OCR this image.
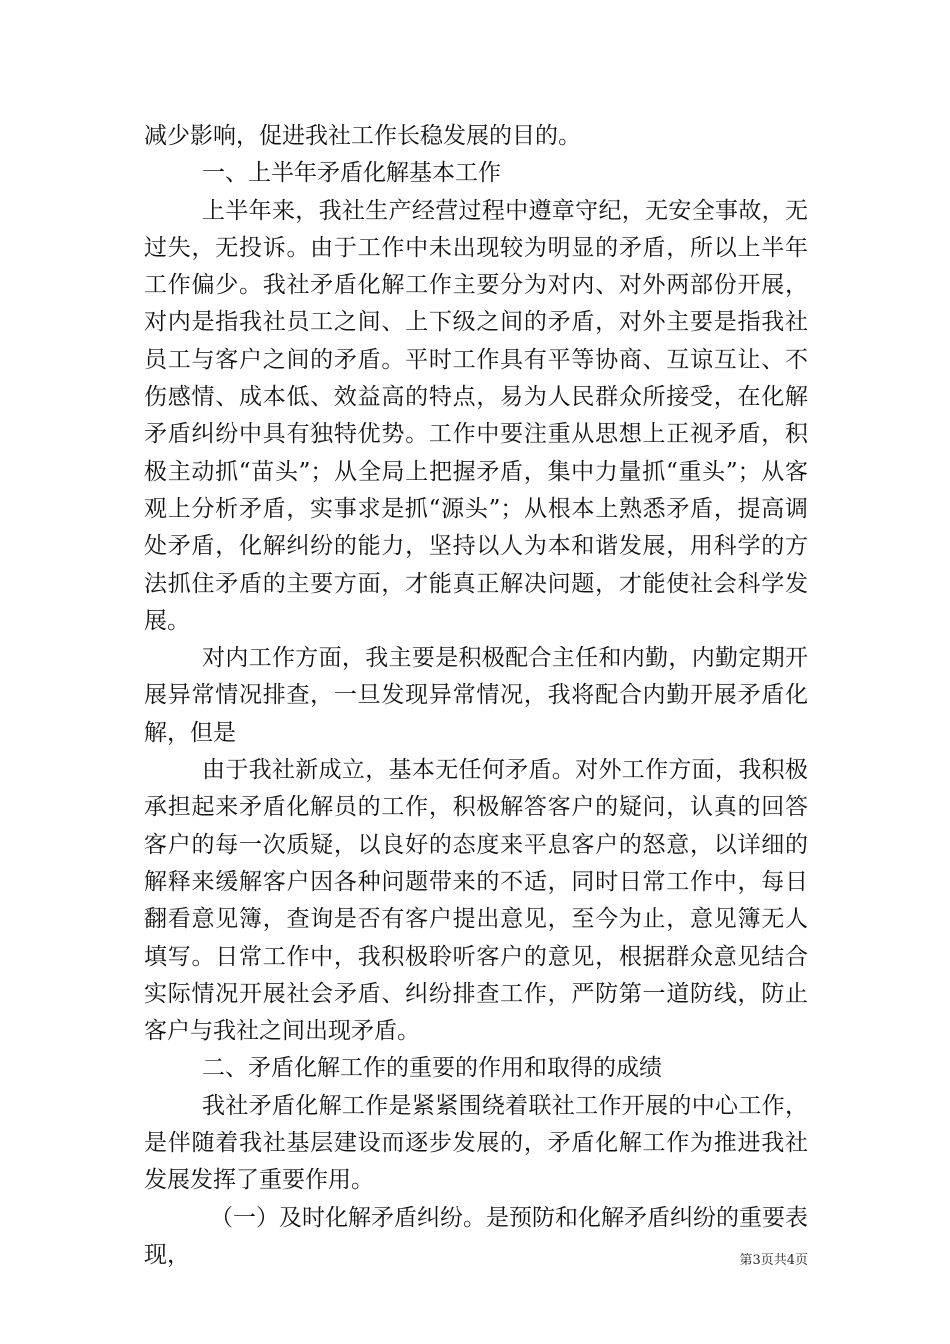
减少影响，促进我社工作长稳发展的目的。

一、上半年矛盾化解基本工作

上半年来，我社生产经营过程中遵章守纪，无安全事故，无过失，无投诉。由于工作中未出现较为明显的矛盾，所以上半年工作偏少。我社矛盾化解工作主要分为对内、对外两部份开展，对内是指我社员工之间、上下级之间的矛盾，对外主要是指我社员工与客户之间的矛盾。平时工作具有平等协商、互谅互让、不伤感情、成本低、效益高的特点，易为人民群众所接受，在化解矛盾纠纷中具有独特优势。工作中要注重从思想上正视矛盾，积极主动抓“苗头”；从全局上把握矛盾，集中力量抓“重头”；从客观上分析矛盾，实事求是抓“源头”；从根本上熟悉矛盾，提高调处矛盾，化解纠纷的能力，坚持以人为本和谐发展，用科学的方法抓住矛盾的主要方面，才能真正解决问题，才能使社会科学发展。

对内工作方面，我主要是积极配合主任和内勤，内勤定期开展异常情况排查，一旦发现异常情况，我将配合内勤开展矛盾化解，但是

由于我社新成立，基本无任何矛盾。对外工作方面，我积极承担起来矛盾化解员的工作，积极解答客户的疑问，认真的回答客户的每一次质疑，以良好的态度来平息客户的怒意，以详细的解释来缓解客户因各种问题带来的不适，同时日常工作中，每日翻看意见簿，查询是否有客户提出意见，至今为止，意见簿无人填写。日常工作中，我积极聆听客户的意见，根据群众意见结合实际情况开展社会矛盾、纠纷排查工作，严防第一道防线，防止客户与我社之间出现矛盾。

二、矛盾化解工作的重要的作用和取得的成绩

我社矛盾化解工作是紧紧围绕着联社工作开展的中心工作，是伴随着我社基层建设而逐步发展的，矛盾化解工作为推进我社发展发挥了重要作用。

（一）及时化解矛盾纠纷。是预防和化解矛盾纠纷的重要表现，	第3页共4页
